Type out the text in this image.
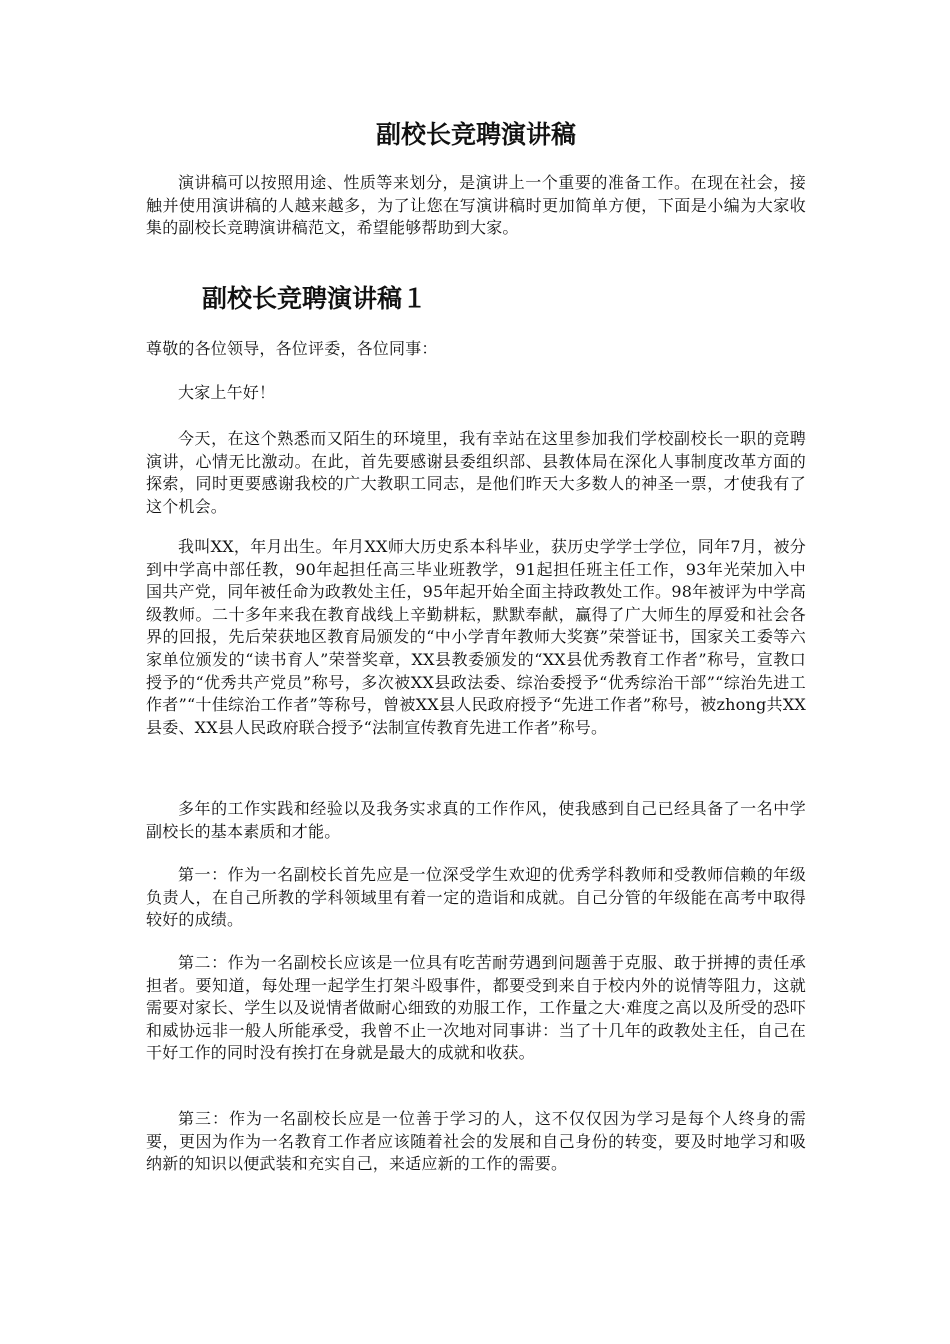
副校长竞聘演讲稿

演讲稿可以按照用途、性质等来划分，是演讲上一个重要的准备工作。在现在社会，接触并使用演讲稿的人越来越多，为了让您在写演讲稿时更加简单方便，下面是小编为大家收集的副校长竞聘演讲稿范文，希望能够帮助到大家。

副校长竞聘演讲稿１

尊敬的各位领导，各位评委，各位同事：

大家上午好！

今天，在这个熟悉而又陌生的环境里，我有幸站在这里参加我们学校副校长一职的竞聘演讲，心情无比激动。在此，首先要感谢县委组织部、县教体局在深化人事制度改革方面的探索，同时更要感谢我校的广大教职工同志，是他们昨天大多数人的神圣一票，才使我有了这个机会。

我叫XX，年月出生。年月XX师大历史系本科毕业，获历史学学士学位，同年7月，被分到中学高中部任教，90年起担任高三毕业班教学，91起担任班主任工作，93年光荣加入中国共产党，同年被任命为政教处主任，95年起开始全面主持政教处工作。98年被评为中学高级教师。二十多年来我在教育战线上辛勤耕耘，默默奉献，赢得了广大师生的厚爱和社会各界的回报，先后荣获地区教育局颁发的“中小学青年教师大奖赛”荣誉证书，国家关工委等六家单位颁发的“读书育人”荣誉奖章，XX县教委颁发的“XX县优秀教育工作者”称号，宣教口授予的“优秀共产党员”称号，多次被XX县政法委、综治委授予“优秀综治干部”“综治先进工作者”“十佳综治工作者”等称号，曾被XX县人民政府授予“先进工作者”称号，被zhong共XX县委、XX县人民政府联合授予“法制宣传教育先进工作者”称号。

多年的工作实践和经验以及我务实求真的工作作风，使我感到自己已经具备了一名中学副校长的基本素质和才能。

第一：作为一名副校长首先应是一位深受学生欢迎的优秀学科教师和受教师信赖的年级负责人，在自己所教的学科领域里有着一定的造诣和成就。自己分管的年级能在高考中取得较好的成绩。

第二：作为一名副校长应该是一位具有吃苦耐劳遇到问题善于克服、敢于拼搏的责任承担者。要知道，每处理一起学生打架斗殴事件，都要受到来自于校内外的说情等阻力，这就需要对家长、学生以及说情者做耐心细致的劝服工作，工作量之大·难度之高以及所受的恐吓和威协远非一般人所能承受，我曾不止一次地对同事讲：当了十几年的政教处主任，自己在干好工作的同时没有挨打在身就是最大的成就和收获。

第三：作为一名副校长应是一位善于学习的人，这不仅仅因为学习是每个人终身的需要，更因为作为一名教育工作者应该随着社会的发展和自己身份的转变，要及时地学习和吸纳新的知识以便武装和充实自己，来适应新的工作的需要。
